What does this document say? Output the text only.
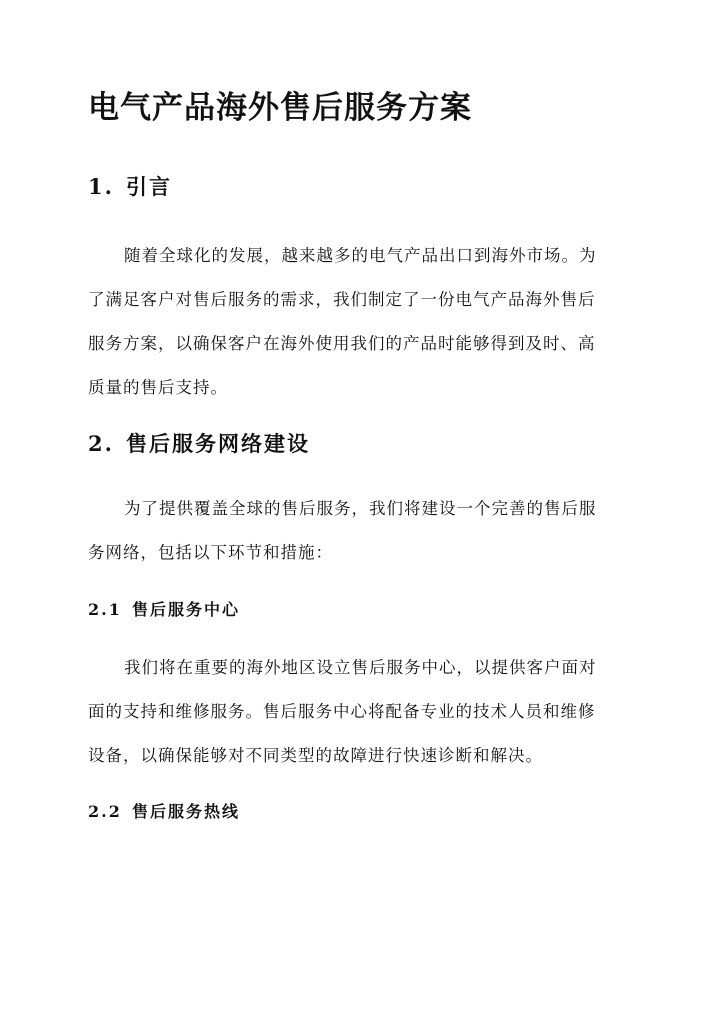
电气产品海外售后服务方案
1. 引言
随着全球化的发展，越来越多的电气产品出口到海外市场。为
了满足客户对售后服务的需求，我们制定了一份电气产品海外售后
服务方案，以确保客户在海外使用我们的产品时能够得到及时、高
质量的售后支持。
2. 售后服务网络建设
为了提供覆盖全球的售后服务，我们将建设一个完善的售后服
务网络，包括以下环节和措施：
2.1 售后服务中心
我们将在重要的海外地区设立售后服务中心，以提供客户面对
面的支持和维修服务。售后服务中心将配备专业的技术人员和维修
设备，以确保能够对不同类型的故障进行快速诊断和解决。
2.2 售后服务热线
